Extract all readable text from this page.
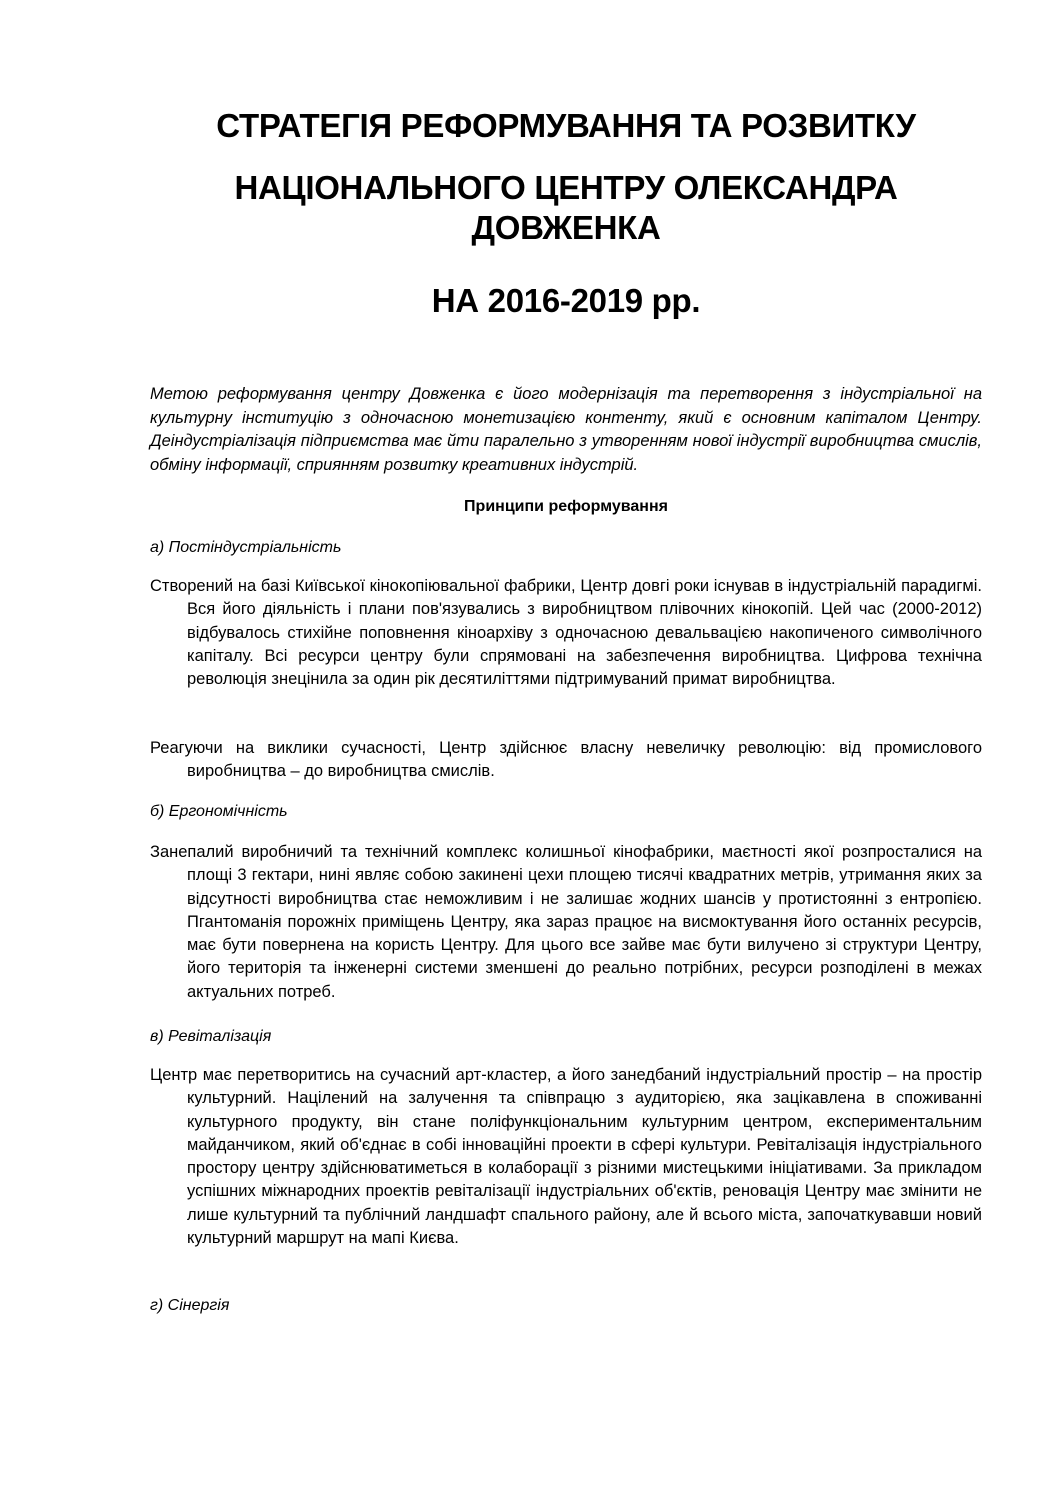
СТРАТЕГІЯ РЕФОРМУВАННЯ ТА РОЗВИТКУ
НАЦІОНАЛЬНОГО ЦЕНТРУ ОЛЕКСАНДРА ДОВЖЕНКА
НА 2016-2019 рр.

Метою реформування центру Довженка є його модернізація та перетворення з індустріальної на культурну інституцію з одночасною монетизацією контенту, який є основним капіталом Центру. Деіндустріалізація підприємства має йти паралельно з утворенням нової індустрії виробництва смислів, обміну інформації, сприянням розвитку креативних індустрій.

Принципи реформування

а) Постіндустріальність

Створений на базі Київської кінокопіювальної фабрики, Центр довгі роки існував в індустріальній парадигмі. Вся його діяльність і плани пов'язувались з виробництвом плівочних кінокопій. Цей час (2000-2012) відбувалось стихійне поповнення кіноархіву з одночасною девальвацією накопиченого символічного капіталу. Всі ресурси центру були спрямовані на забезпечення виробництва. Цифрова технічна революція знецінила за один рік десятиліттями підтримуваний примат виробництва.

Реагуючи на виклики сучасності, Центр здійснює власну невеличку революцію: від промислового виробництва – до виробництва смислів.

б) Ергономічність

Занепалий виробничий та технічний комплекс колишньої кінофабрики, маєтності якої розпросталися на площі 3 гектари, нині являє собою закинені цехи площею тисячі квадратних метрів, утримання яких за відсутності виробництва стає неможливим і не залишає жодних шансів у протистоянні з ентропією. Пгантоманія порожніх приміщень Центру, яка зараз працює на висмоктування його останніх ресурсів, має бути повернена на користь Центру. Для цього все зайве має бути вилучено зі структури Центру, його територія та інженерні системи зменшені до реально потрібних, ресурси розподілені в межах актуальних потреб.

в) Ревіталізація

Центр має перетворитись на сучасний арт-кластер, а його занедбаний індустріальний простір – на простір культурний. Націлений на залучення та співпрацю з аудиторією, яка зацікавлена в споживанні культурного продукту, він стане поліфункціональним культурним центром, експериментальним майданчиком, який об'єднає в собі інноваційні проекти в сфері культури. Ревіталізація індустріального простору центру здійснюватиметься в колаборації з різними мистецькими ініціативами. За прикладом успішних міжнародних проектів ревіталізації індустріальних об'єктів, реновація Центру має змінити не лише культурний та публічний ландшафт спального району, але й всього міста, започаткувавши новий культурний маршрут на мапі Києва.

г) Сінергія
